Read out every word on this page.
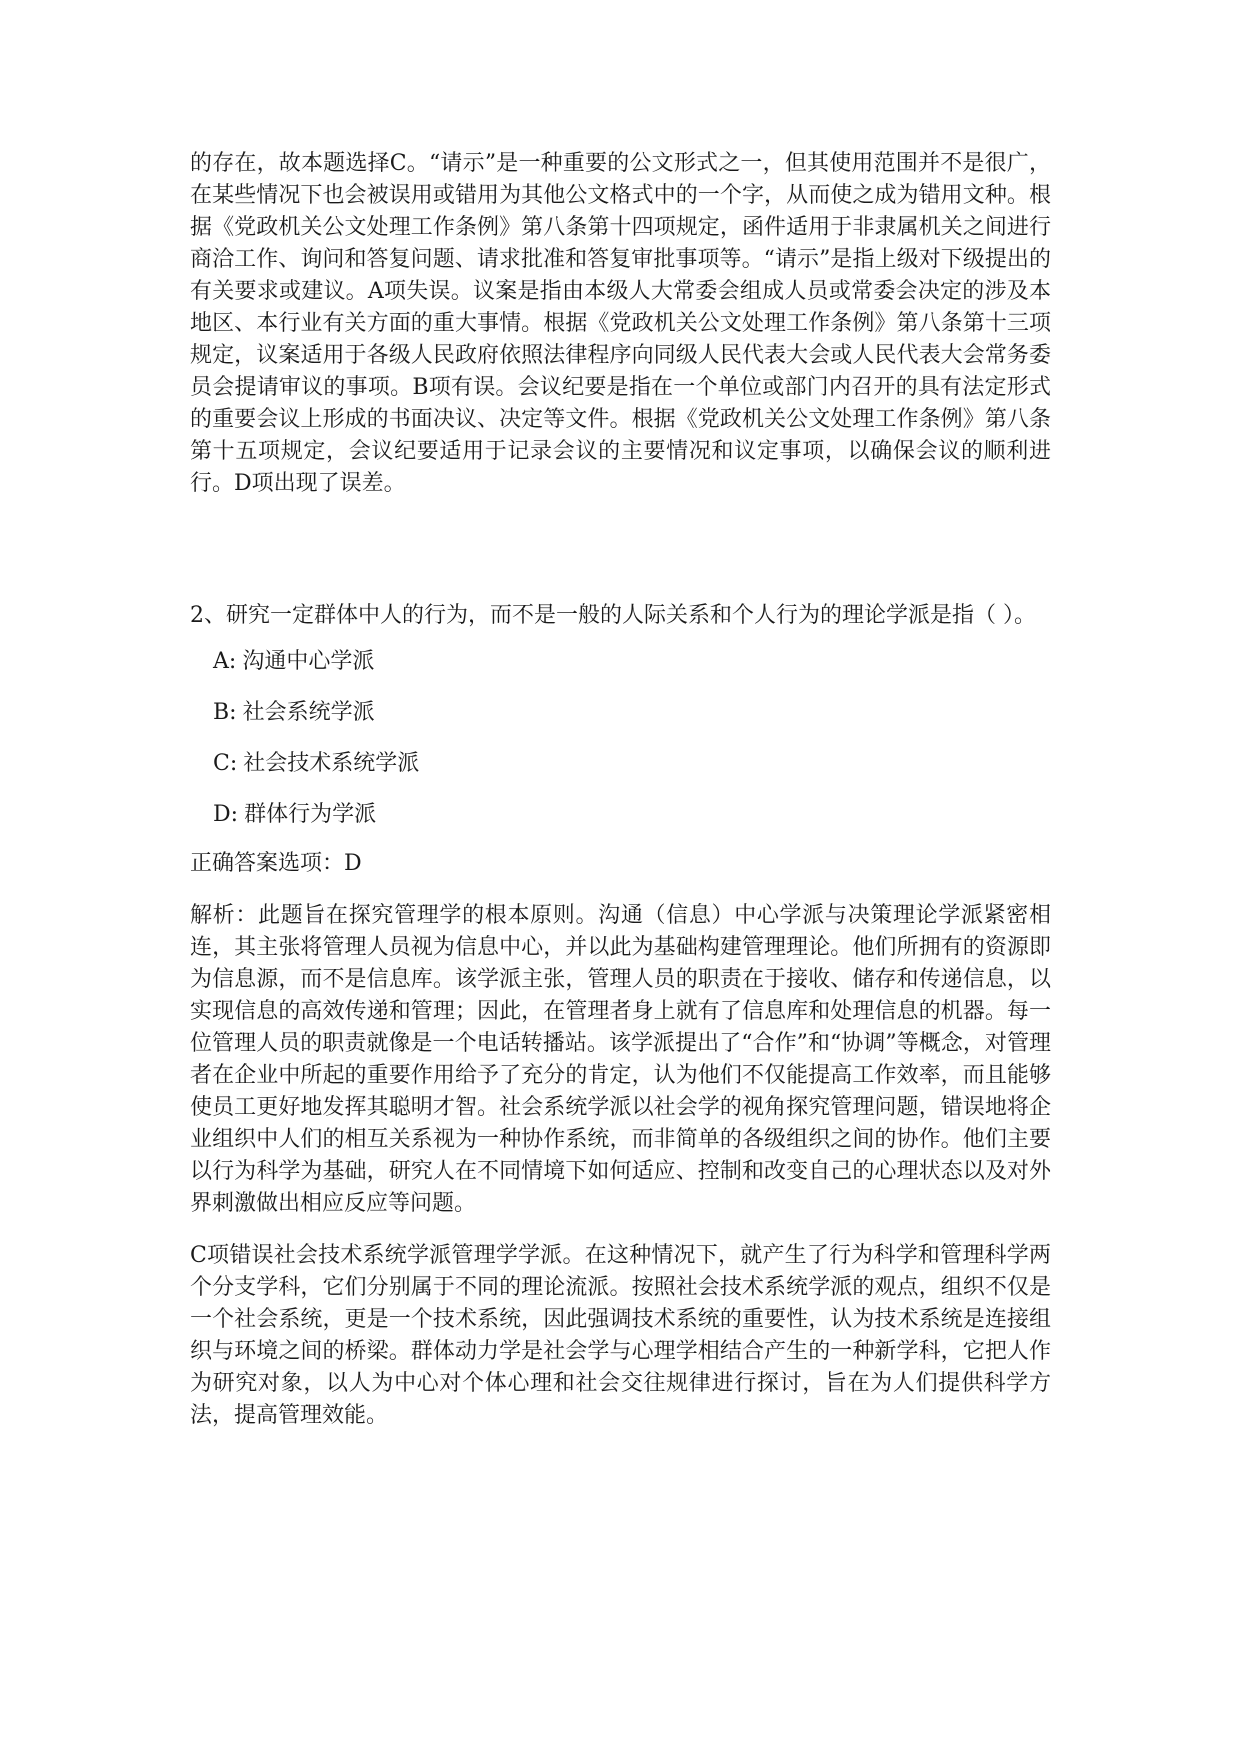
的存在，故本题选择C。“请示”是一种重要的公文形式之一，但其使用范围并不是很广，在某些情况下也会被误用或错用为其他公文格式中的一个字，从而使之成为错用文种。根据《党政机关公文处理工作条例》第八条第十四项规定，函件适用于非隶属机关之间进行商洽工作、询问和答复问题、请求批准和答复审批事项等。“请示”是指上级对下级提出的有关要求或建议。A项失误。议案是指由本级人大常委会组成人员或常委会决定的涉及本地区、本行业有关方面的重大事情。根据《党政机关公文处理工作条例》第八条第十三项规定，议案适用于各级人民政府依照法律程序向同级人民代表大会或人民代表大会常务委员会提请审议的事项。B项有误。会议纪要是指在一个单位或部门内召开的具有法定形式的重要会议上形成的书面决议、决定等文件。根据《党政机关公文处理工作条例》第八条第十五项规定，会议纪要适用于记录会议的主要情况和议定事项，以确保会议的顺利进行。D项出现了误差。

2、研究一定群体中人的行为，而不是一般的人际关系和个人行为的理论学派是指（ ）。

A: 沟通中心学派
B: 社会系统学派
C: 社会技术系统学派
D: 群体行为学派
正确答案选项：D

解析：此题旨在探究管理学的根本原则。沟通（信息）中心学派与决策理论学派紧密相连，其主张将管理人员视为信息中心，并以此为基础构建管理理论。他们所拥有的资源即为信息源，而不是信息库。该学派主张，管理人员的职责在于接收、储存和传递信息，以实现信息的高效传递和管理；因此，在管理者身上就有了信息库和处理信息的机器。每一位管理人员的职责就像是一个电话转播站。该学派提出了“合作”和“协调”等概念，对管理者在企业中所起的重要作用给予了充分的肯定，认为他们不仅能提高工作效率，而且能够使员工更好地发挥其聪明才智。社会系统学派以社会学的视角探究管理问题，错误地将企业组织中人们的相互关系视为一种协作系统，而非简单的各级组织之间的协作。他们主要以行为科学为基础，研究人在不同情境下如何适应、控制和改变自己的心理状态以及对外界刺激做出相应反应等问题。

C项错误社会技术系统学派管理学学派。在这种情况下，就产生了行为科学和管理科学两个分支学科，它们分别属于不同的理论流派。按照社会技术系统学派的观点，组织不仅是一个社会系统，更是一个技术系统，因此强调技术系统的重要性，认为技术系统是连接组织与环境之间的桥梁。群体动力学是社会学与心理学相结合产生的一种新学科，它把人作为研究对象，以人为中心对个体心理和社会交往规律进行探讨，旨在为人们提供科学方法，提高管理效能。
